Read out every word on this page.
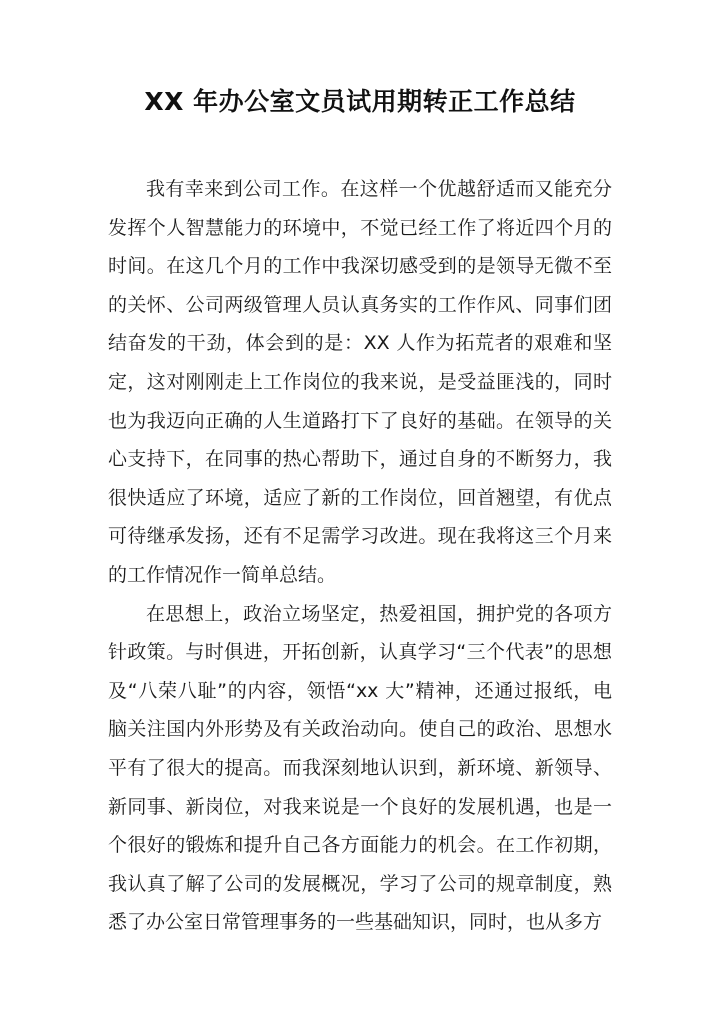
XX 年办公室文员试用期转正工作总结

我有幸来到公司工作。在这样一个优越舒适而又能充分发挥个人智慧能力的环境中，不觉已经工作了将近四个月的时间。在这几个月的工作中我深切感受到的是领导无微不至的关怀、公司两级管理人员认真务实的工作作风、同事们团结奋发的干劲，体会到的是：XX 人作为拓荒者的艰难和坚定，这对刚刚走上工作岗位的我来说，是受益匪浅的，同时也为我迈向正确的人生道路打下了良好的基础。在领导的关心支持下，在同事的热心帮助下，通过自身的不断努力，我很快适应了环境，适应了新的工作岗位，回首翘望，有优点可待继承发扬，还有不足需学习改进。现在我将这三个月来的工作情况作一简单总结。

在思想上，政治立场坚定，热爱祖国，拥护党的各项方针政策。与时俱进，开拓创新，认真学习“三个代表”的思想及“八荣八耻”的内容，领悟“xx 大”精神，还通过报纸，电脑关注国内外形势及有关政治动向。使自己的政治、思想水平有了很大的提高。而我深刻地认识到，新环境、新领导、新同事、新岗位，对我来说是一个良好的发展机遇，也是一个很好的锻炼和提升自己各方面能力的机会。在工作初期，我认真了解了公司的发展概况，学习了公司的规章制度，熟悉了办公室日常管理事务的一些基础知识，同时，也从多方
